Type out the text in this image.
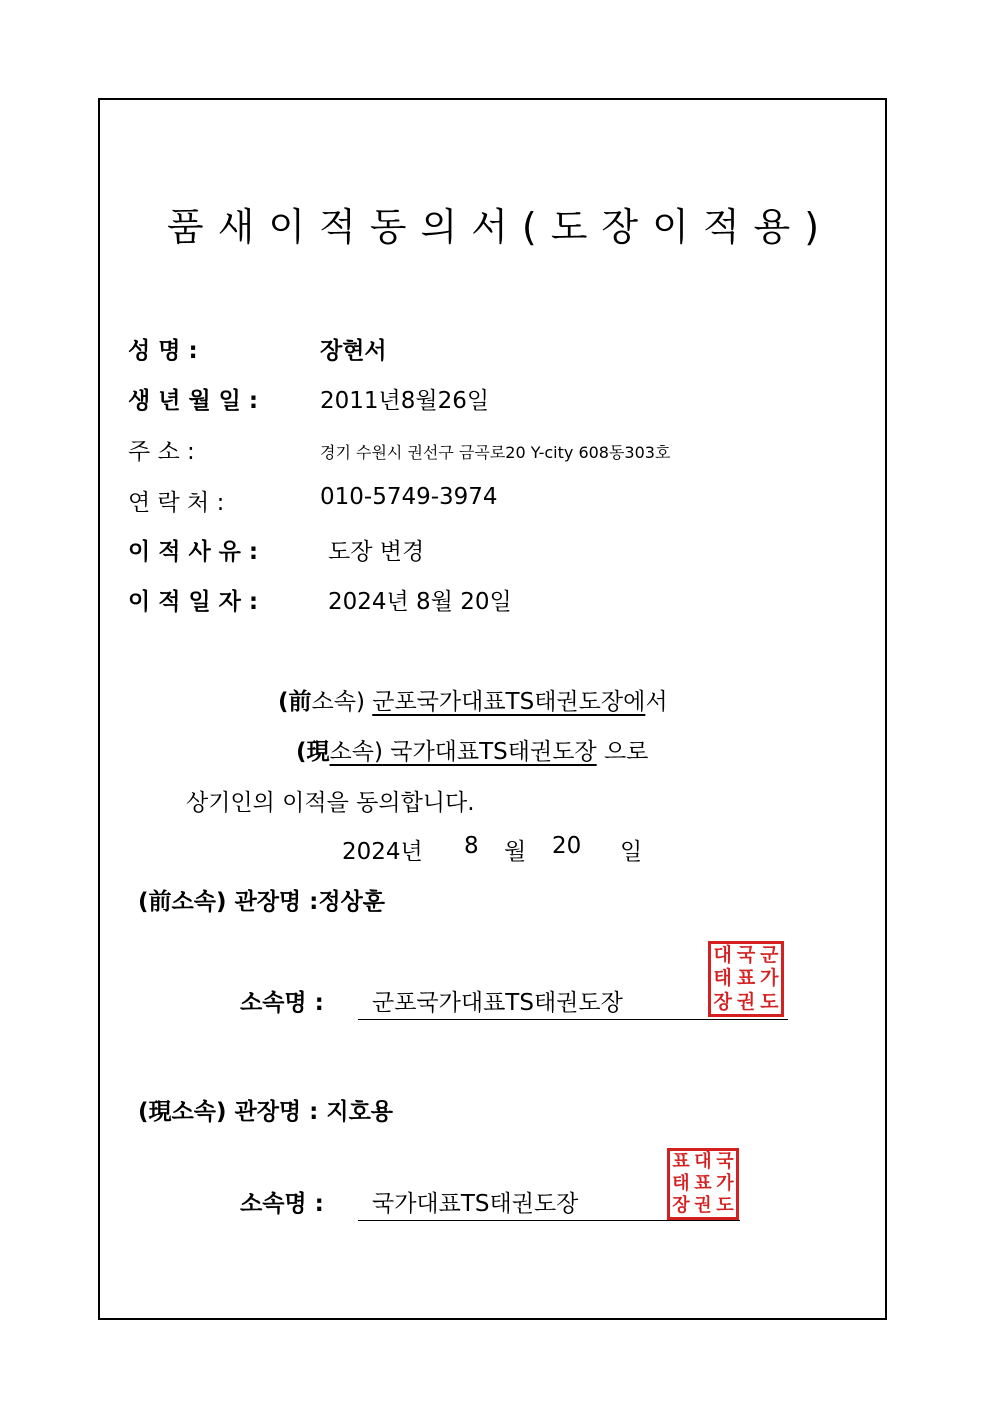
품새이적동의서(도장이적용)
성 명 :	장현서
생 년 월 일 :	2011년8월26일
주 소 :	경기 수원시 권선구 금곡로20 Y-city 608동303호
연 락 처 :	010-5749-3974
이 적 사 유 :	도장 변경
이 적 일 자 :	2024년 8월 20일
(前소속) 군포국가대표TS태권도장에서
(現소속) 국가대표TS태권도장 으로
상기인의 이적을 동의합니다.
2024년 8 월 20 일
(前소속) 관장명 :정상훈
소속명 : 군포국가대표TS태권도장
대 국 군
태 표 가
장 권 도
(現소속) 관장명 : 지호용
소속명 : 국가대표TS태권도장
표 대 국
태 표 가
장 권 도
